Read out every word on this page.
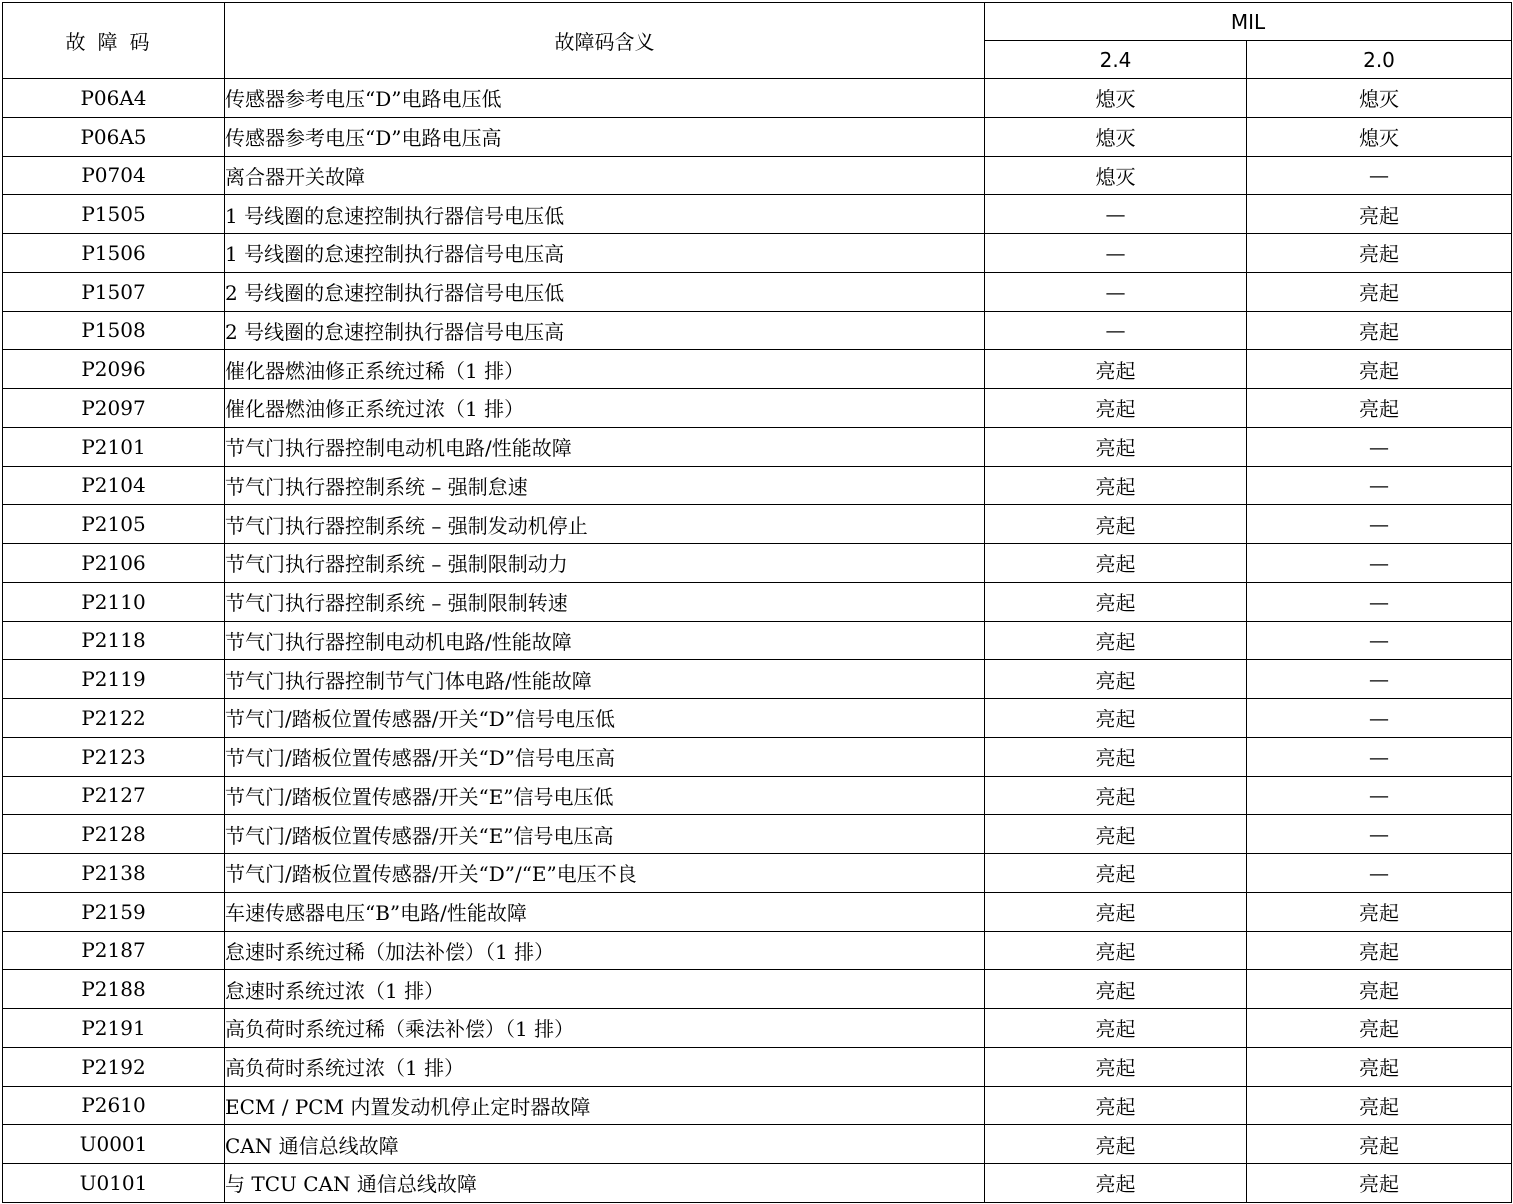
故障码	故障码含义	MIL	
		2.4	2.0
P06A4	传感器参考电压“D”电路电压低	熄灭	熄灭
P06A5	传感器参考电压“D”电路电压高	熄灭	熄灭
P0704	离合器开关故障	熄灭	—
P1505	1 号线圈的怠速控制执行器信号电压低	—	亮起
P1506	1 号线圈的怠速控制执行器信号电压高	—	亮起
P1507	2 号线圈的怠速控制执行器信号电压低	—	亮起
P1508	2 号线圈的怠速控制执行器信号电压高	—	亮起
P2096	催化器燃油修正系统过稀（1 排）	亮起	亮起
P2097	催化器燃油修正系统过浓（1 排）	亮起	亮起
P2101	节气门执行器控制电动机电路/性能故障	亮起	—
P2104	节气门执行器控制系统 – 强制怠速	亮起	—
P2105	节气门执行器控制系统 – 强制发动机停止	亮起	—
P2106	节气门执行器控制系统 – 强制限制动力	亮起	—
P2110	节气门执行器控制系统 – 强制限制转速	亮起	—
P2118	节气门执行器控制电动机电路/性能故障	亮起	—
P2119	节气门执行器控制节气门体电路/性能故障	亮起	—
P2122	节气门/踏板位置传感器/开关“D”信号电压低	亮起	—
P2123	节气门/踏板位置传感器/开关“D”信号电压高	亮起	—
P2127	节气门/踏板位置传感器/开关“E”信号电压低	亮起	—
P2128	节气门/踏板位置传感器/开关“E”信号电压高	亮起	—
P2138	节气门/踏板位置传感器/开关“D”/“E”电压不良	亮起	—
P2159	车速传感器电压“B”电路/性能故障	亮起	亮起
P2187	怠速时系统过稀（加法补偿）（1 排）	亮起	亮起
P2188	怠速时系统过浓（1 排）	亮起	亮起
P2191	高负荷时系统过稀（乘法补偿）（1 排）	亮起	亮起
P2192	高负荷时系统过浓（1 排）	亮起	亮起
P2610	ECM / PCM 内置发动机停止定时器故障	亮起	亮起
U0001	CAN 通信总线故障	亮起	亮起
U0101	与 TCU CAN 通信总线故障	亮起	亮起
